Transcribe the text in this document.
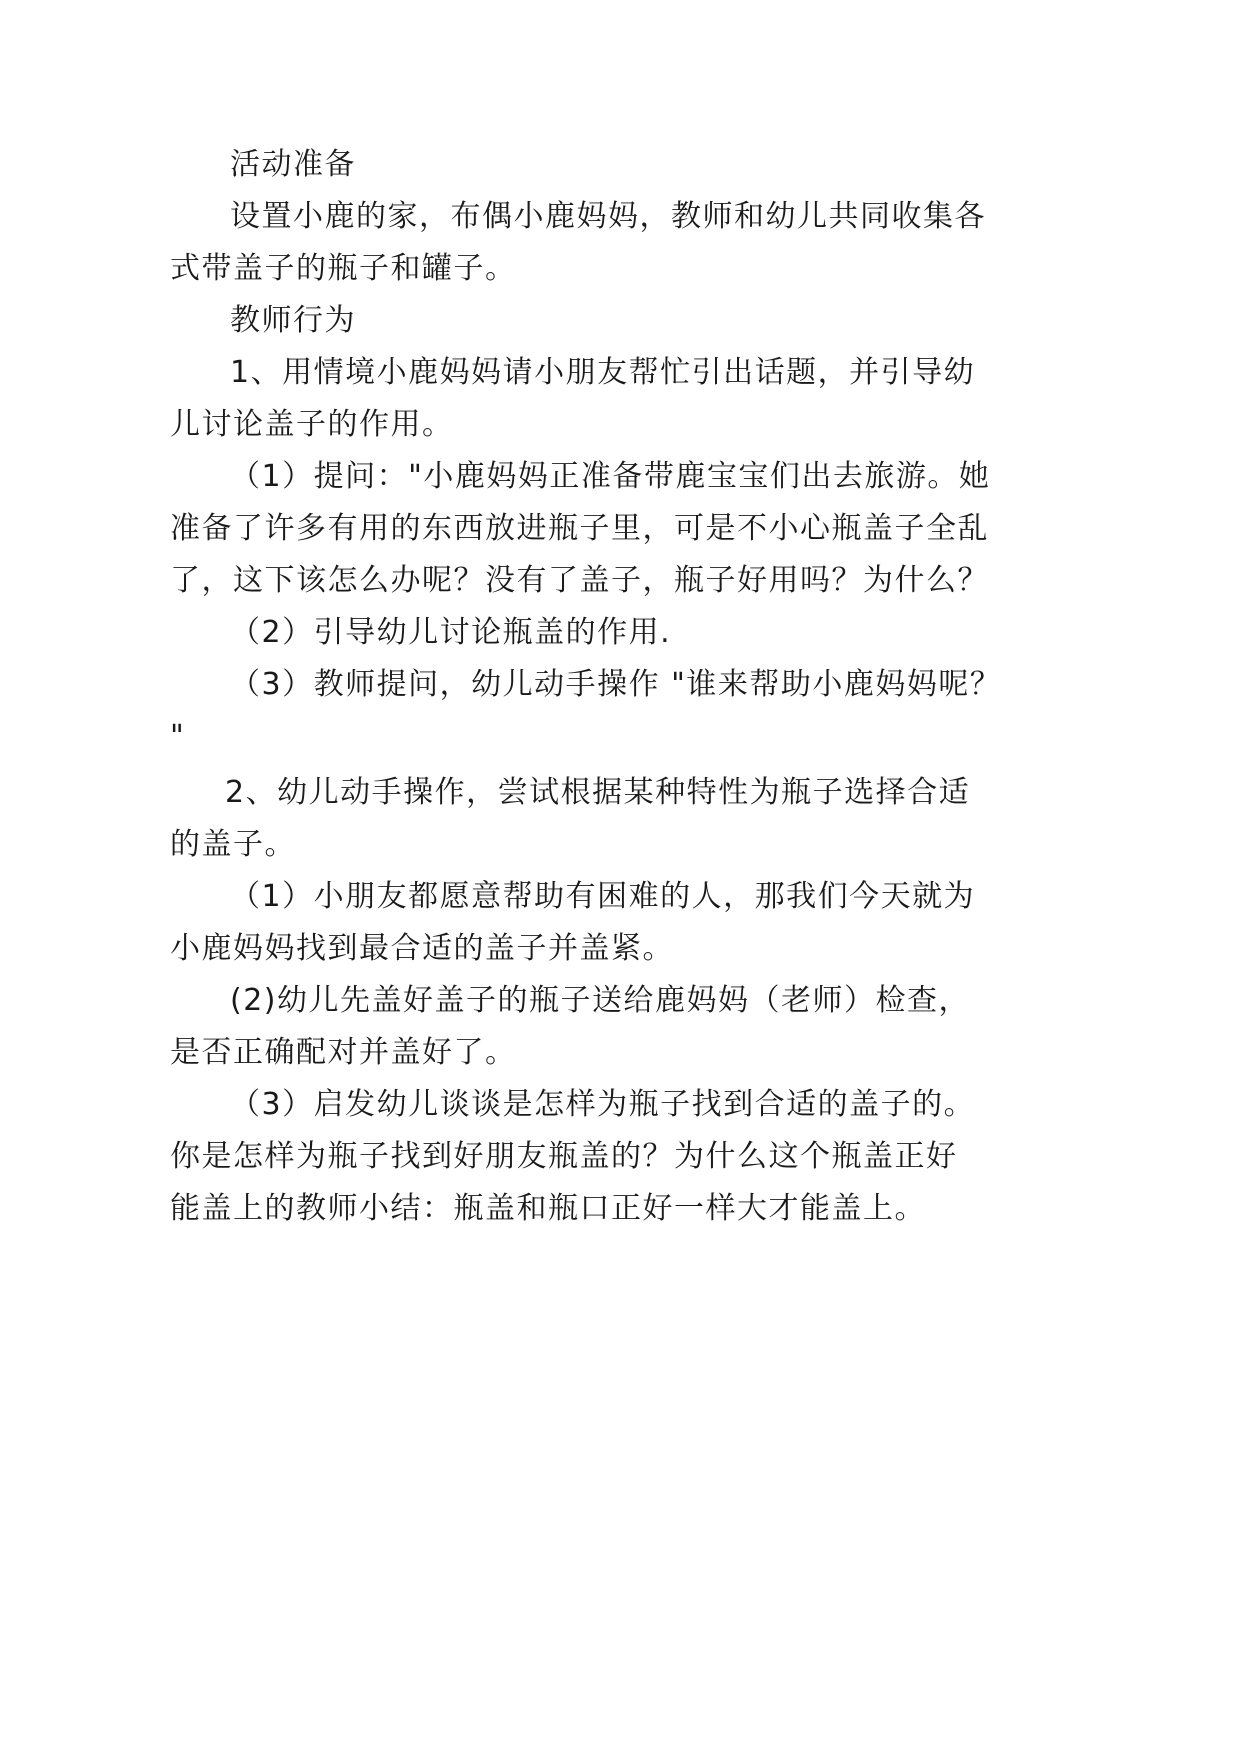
活动准备

设置小鹿的家，布偶小鹿妈妈，教师和幼儿共同收集各

式带盖子的瓶子和罐子。

教师行为

1、用情境小鹿妈妈请小朋友帮忙引出话题，并引导幼

儿讨论盖子的作用。

（1）提问："小鹿妈妈正准备带鹿宝宝们出去旅游。她

准备了许多有用的东西放进瓶子里，可是不小心瓶盖子全乱

了，这下该怎么办呢？没有了盖子，瓶子好用吗？为什么？

（2）引导幼儿讨论瓶盖的作用.

（3）教师提问，幼儿动手操作 "谁来帮助小鹿妈妈呢？

"

2、幼儿动手操作，尝试根据某种特性为瓶子选择合适

的盖子。

（1）小朋友都愿意帮助有困难的人，那我们今天就为

小鹿妈妈找到最合适的盖子并盖紧。

(2)幼儿先盖好盖子的瓶子送给鹿妈妈（老师）检查，

是否正确配对并盖好了。

（3）启发幼儿谈谈是怎样为瓶子找到合适的盖子的。

你是怎样为瓶子找到好朋友瓶盖的？为什么这个瓶盖正好

能盖上的教师小结：瓶盖和瓶口正好一样大才能盖上。
